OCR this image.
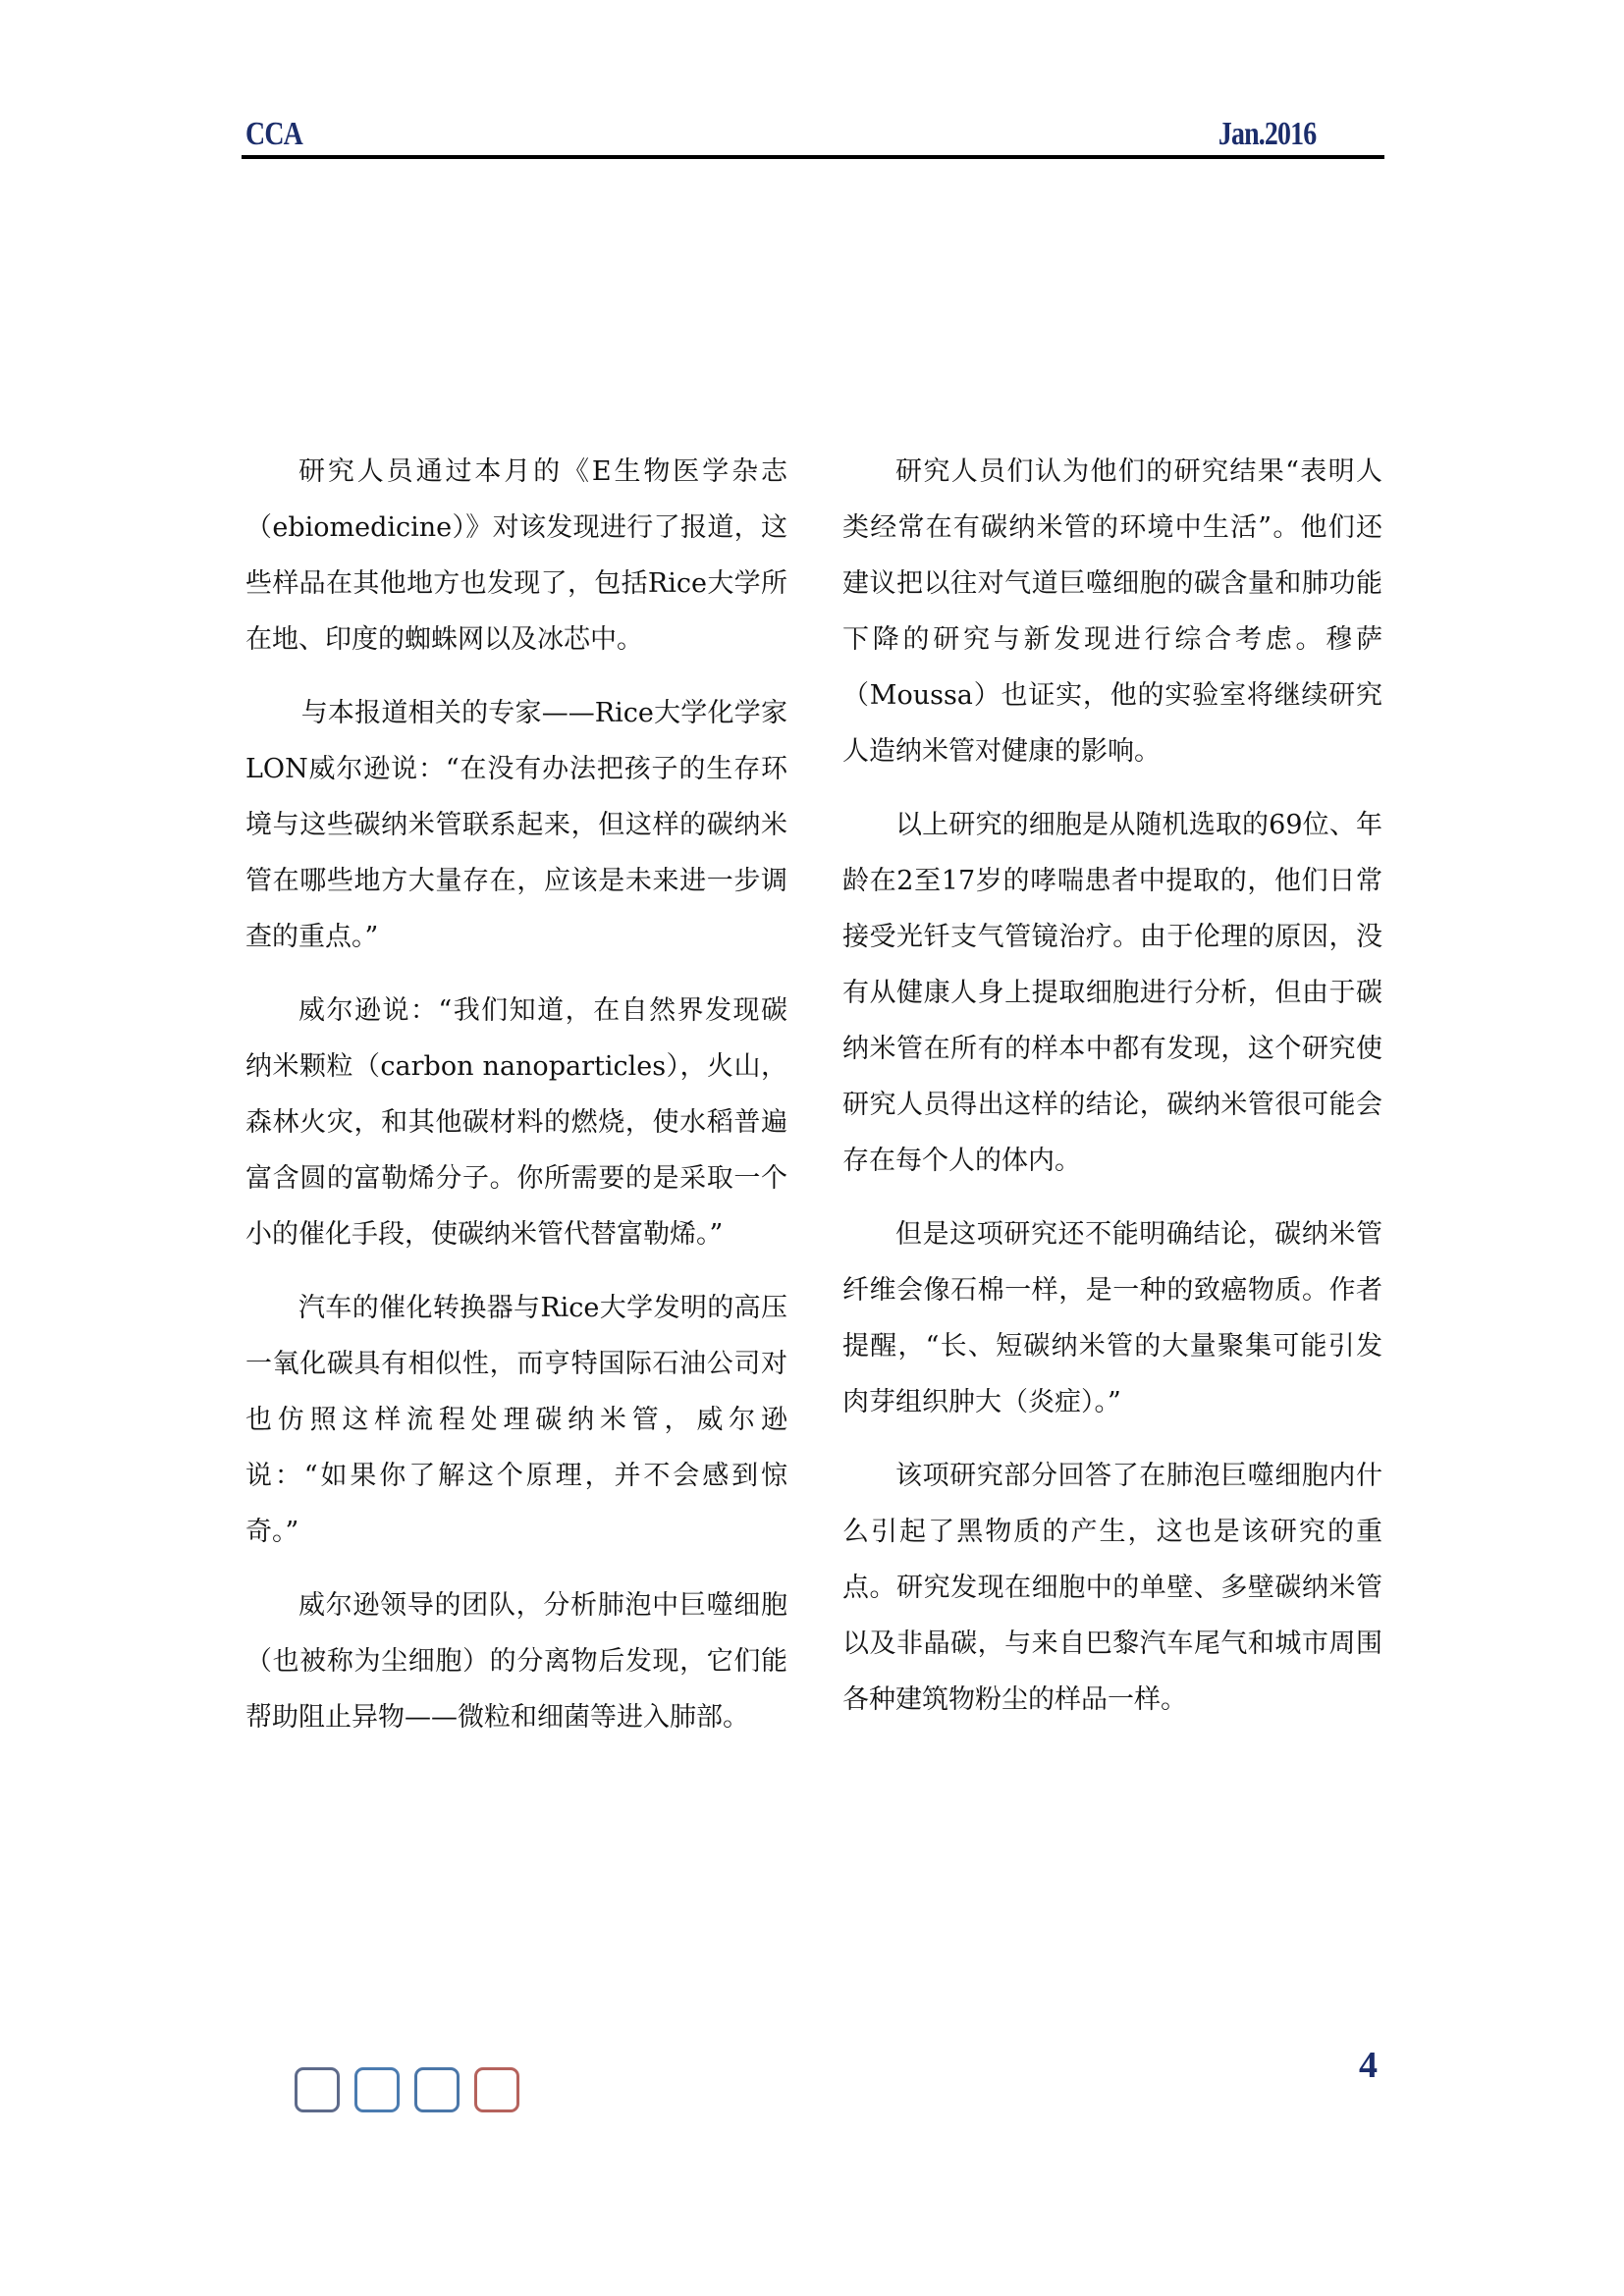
CCA	Jan.2016

研究人员通过本月的《E生物医学杂志（ebiomedicine）》对该发现进行了报道，这些样品在其他地方也发现了，包括Rice大学所在地、印度的蜘蛛网以及冰芯中。

与本报道相关的专家——Rice大学化学家LON威尔逊说：“在没有办法把孩子的生存环境与这些碳纳米管联系起来，但这样的碳纳米管在哪些地方大量存在，应该是未来进一步调查的重点。”

威尔逊说：“我们知道，在自然界发现碳纳米颗粒（carbon nanoparticles），火山，森林火灾，和其他碳材料的燃烧，使水稻普遍富含圆的富勒烯分子。你所需要的是采取一个小的催化手段，使碳纳米管代替富勒烯。”

汽车的催化转换器与Rice大学发明的高压一氧化碳具有相似性，而亨特国际石油公司对也仿照这样流程处理碳纳米管，威尔逊说：“如果你了解这个原理，并不会感到惊奇。”

威尔逊领导的团队，分析肺泡中巨噬细胞（也被称为尘细胞）的分离物后发现，它们能帮助阻止异物——微粒和细菌等进入肺部。

研究人员们认为他们的研究结果“表明人类经常在有碳纳米管的环境中生活”。他们还建议把以往对气道巨噬细胞的碳含量和肺功能下降的研究与新发现进行综合考虑。穆萨（Moussa）也证实，他的实验室将继续研究人造纳米管对健康的影响。

以上研究的细胞是从随机选取的69位、年龄在2至17岁的哮喘患者中提取的，他们日常接受光钎支气管镜治疗。由于伦理的原因，没有从健康人身上提取细胞进行分析，但由于碳纳米管在所有的样本中都有发现，这个研究使研究人员得出这样的结论，碳纳米管很可能会存在每个人的体内。

但是这项研究还不能明确结论，碳纳米管纤维会像石棉一样，是一种的致癌物质。作者提醒，“长、短碳纳米管的大量聚集可能引发肉芽组织肿大（炎症）。”

该项研究部分回答了在肺泡巨噬细胞内什么引起了黑物质的产生，这也是该研究的重点。研究发现在细胞中的单壁、多壁碳纳米管以及非晶碳，与来自巴黎汽车尾气和城市周围各种建筑物粉尘的样品一样。

4
